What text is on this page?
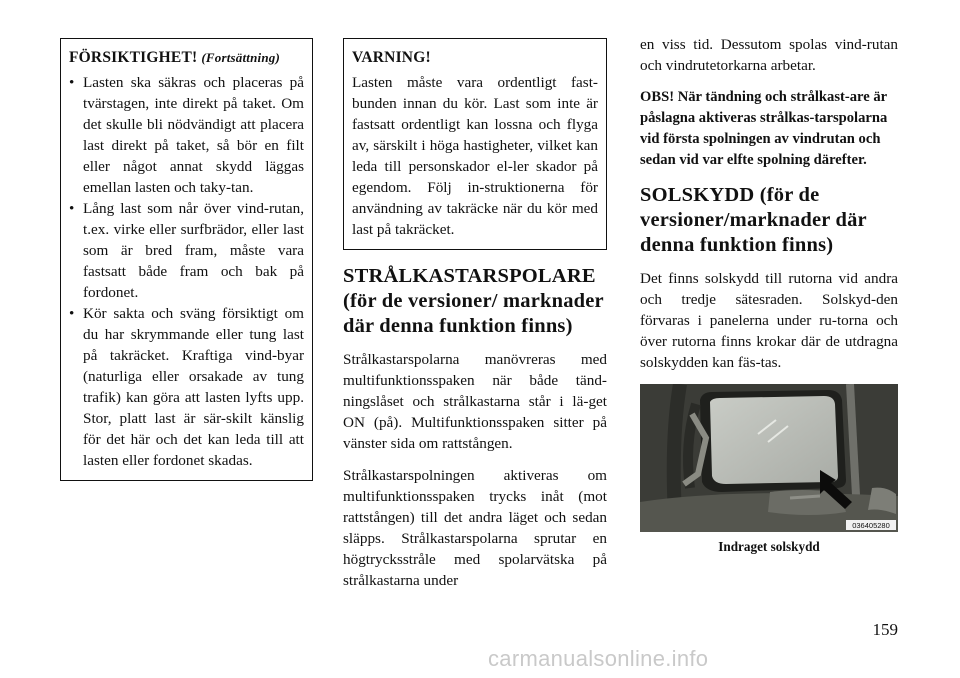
FÖRSIKTIGHET! (Fortsättning)
• Lasten ska säkras och placeras på tvärstagen, inte direkt på taket. Om det skulle bli nödvändigt att placera last direkt på taket, så bör en filt eller något annat skydd läggas emellan lasten och taky-tan.
• Lång last som når över vind-rutan, t.ex. virke eller surfbrädor, eller last som är bred fram, måste vara fastsatt både fram och bak på fordonet.
• Kör sakta och sväng försiktigt om du har skrymmande eller tung last på takräcket. Kraftiga vind-byar (naturliga eller orsakade av tung trafik) kan göra att lasten lyfts upp. Stor, platt last är sär-skilt känslig för det här och det kan leda till att lasten eller fordonet skadas.
VARNING!

Lasten måste vara ordentligt fast-bunden innan du kör. Last som inte är fastsatt ordentligt kan lossna och flyga av, särskilt i höga hastigheter, vilket kan leda till personskador el-ler skador på egendom. Följ in-struktionerna för användning av takräcke när du kör med last på takräcket.

STRÅLKASTARSPOLARE
(för de versioner/ marknader där denna funktion finns)

Strålkastarspolarna manövreras med multifunktionsspaken när både tänd-ningslåset och strålkastarna står i lä-get ON (på). Multifunktionsspaken sitter på vänster sida om rattstången.

Strålkastarspolningen aktiveras om multifunktionsspaken trycks inåt (mot rattstången) till det andra läget och sedan släpps. Strålkastarspolarna sprutar en högtrycksstråle med spolarvätska på strålkastarna under

en viss tid. Dessutom spolas vind-rutan och vindrutetorkarna arbetar.

OBS! När tändning och strålkast-are är påslagna aktiveras strålkas-tarspolarna vid första spolningen av vindrutan och sedan vid var elfte spolning därefter.
SOLSKYDD (för de versioner/marknader där denna funktion finns)

Det finns solskydd till rutorna vid andra och tredje sätesraden. Solskyd-den förvaras i panelerna under ru-torna och över rutorna finns krokar där de utdragna solskydden kan fäs-tas.

036405280
Indraget solskydd
159
carmanualsonline.info
